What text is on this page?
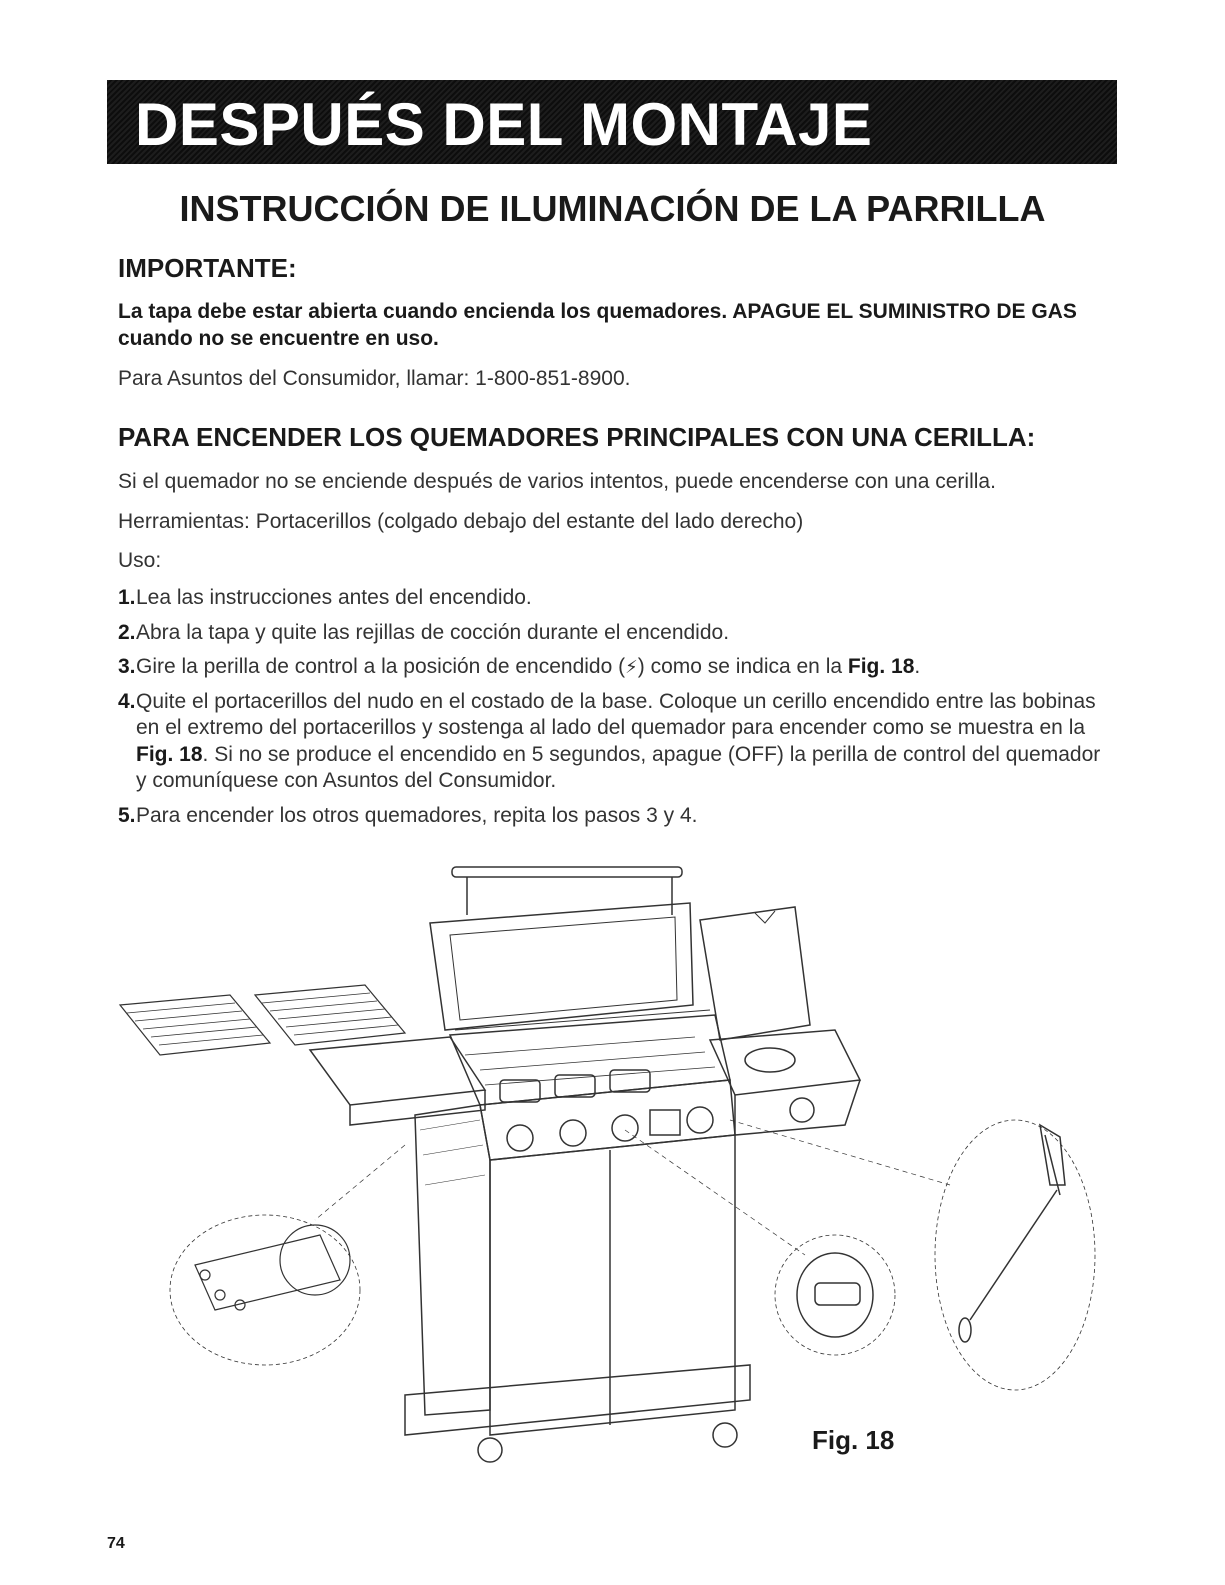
DESPUÉS DEL MONTAJE
INSTRUCCIÓN DE ILUMINACIÓN DE LA PARRILLA
IMPORTANTE:

La tapa debe estar abierta cuando encienda los quemadores. APAGUE EL SUMINISTRO DE GAS cuando no se encuentre en uso.

Para Asuntos del Consumidor, llamar: 1-800-851-8900.

PARA ENCENDER LOS QUEMADORES PRINCIPALES CON UNA CERILLA:

Si el quemador no se enciende después de varios intentos, puede encenderse con una cerilla.

Herramientas: Portacerillos (colgado debajo del estante del lado derecho)

Uso:

1. Lea las instrucciones antes del encendido.
2. Abra la tapa y quite las rejillas de cocción durante el encendido.
3. Gire la perilla de control a la posición de encendido (⚡) como se indica en la Fig. 18.
4. Quite el portacerillos del nudo en el costado de la base. Coloque un cerillo encendido entre las bobinas en el extremo del portacerillos y sostenga al lado del quemador para encender como se muestra en la Fig. 18. Si no se produce el encendido en 5 segundos, apague (OFF) la perilla de control del quemador y comuníquese con Asuntos del Consumidor.
5. Para encender los otros quemadores, repita los pasos 3 y 4.

Fig. 18

74
